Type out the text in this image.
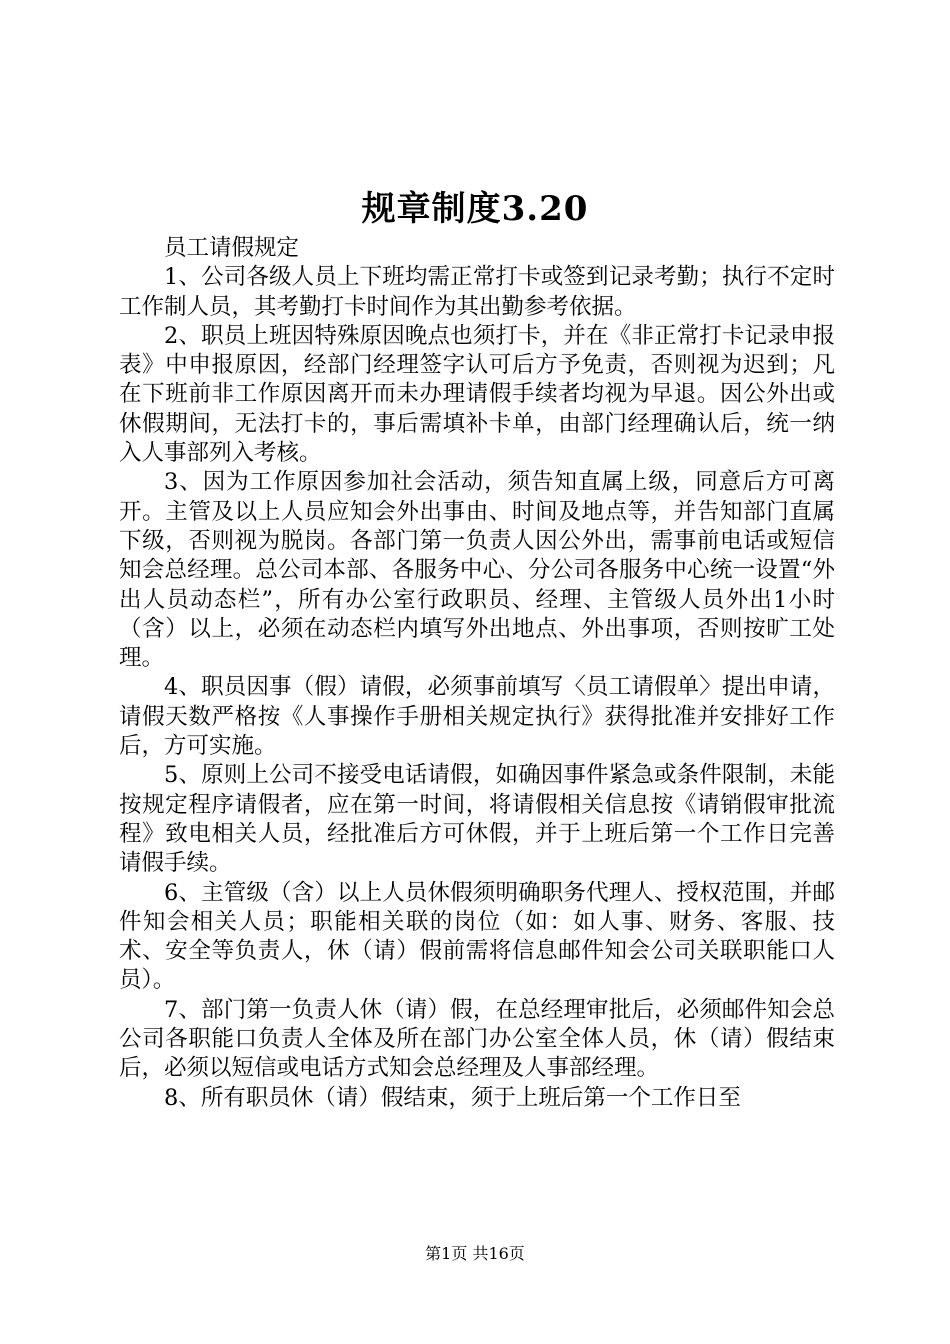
规章制度3.20

员工请假规定

1、公司各级人员上下班均需正常打卡或签到记录考勤；执行不定时工作制人员，其考勤打卡时间作为其出勤参考依据。

2、职员上班因特殊原因晚点也须打卡，并在《非正常打卡记录申报表》中申报原因，经部门经理签字认可后方予免责，否则视为迟到；凡在下班前非工作原因离开而未办理请假手续者均视为早退。因公外出或休假期间，无法打卡的，事后需填补卡单，由部门经理确认后，统一纳入人事部列入考核。

3、因为工作原因参加社会活动，须告知直属上级，同意后方可离开。主管及以上人员应知会外出事由、时间及地点等，并告知部门直属下级，否则视为脱岗。各部门第一负责人因公外出，需事前电话或短信知会总经理。总公司本部、各服务中心、分公司各服务中心统一设置“外出人员动态栏”，所有办公室行政职员、经理、主管级人员外出1小时（含）以上，必须在动态栏内填写外出地点、外出事项，否则按旷工处理。

4、职员因事（假）请假，必须事前填写〈员工请假单〉提出申请，请假天数严格按《人事操作手册相关规定执行》获得批准并安排好工作后，方可实施。

5、原则上公司不接受电话请假，如确因事件紧急或条件限制，未能按规定程序请假者，应在第一时间，将请假相关信息按《请销假审批流程》致电相关人员，经批准后方可休假，并于上班后第一个工作日完善请假手续。

6、主管级（含）以上人员休假须明确职务代理人、授权范围，并邮件知会相关人员；职能相关联的岗位（如：如人事、财务、客服、技术、安全等负责人，休（请）假前需将信息邮件知会公司关联职能口人员）。

7、部门第一负责人休（请）假，在总经理审批后，必须邮件知会总公司各职能口负责人全体及所在部门办公室全体人员，休（请）假结束后，必须以短信或电话方式知会总经理及人事部经理。

8、所有职员休（请）假结束，须于上班后第一个工作日至

第1页 共16页
